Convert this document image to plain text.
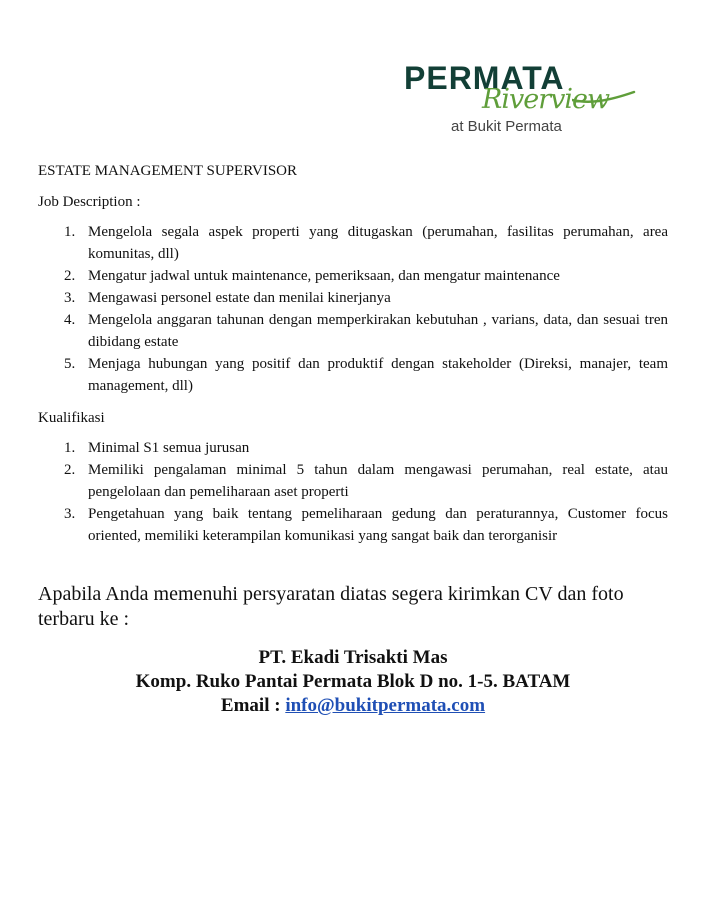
PERMATA
Riverview
at Bukit Permata
ESTATE MANAGEMENT SUPERVISOR
Job Description :
1. Mengelola segala aspek properti yang ditugaskan (perumahan, fasilitas perumahan, area komunitas, dll)
2. Mengatur jadwal untuk maintenance, pemeriksaan, dan mengatur maintenance
3. Mengawasi personel estate dan menilai kinerjanya
4. Mengelola anggaran tahunan dengan memperkirakan kebutuhan , varians, data, dan sesuai tren dibidang estate
5. Menjaga hubungan yang positif dan produktif dengan stakeholder (Direksi, manajer, team management, dll)
Kualifikasi
1. Minimal S1 semua jurusan
2. Memiliki pengalaman minimal 5 tahun dalam mengawasi perumahan, real estate, atau pengelolaan dan pemeliharaan aset properti
3. Pengetahuan yang baik tentang pemeliharaan gedung dan peraturannya, Customer focus oriented, memiliki keterampilan komunikasi yang sangat baik dan terorganisir
Apabila Anda memenuhi persyaratan diatas segera kirimkan CV dan foto terbaru ke :
PT. Ekadi Trisakti Mas
Komp. Ruko Pantai Permata Blok D no. 1-5. BATAM
Email : info@bukitpermata.com
